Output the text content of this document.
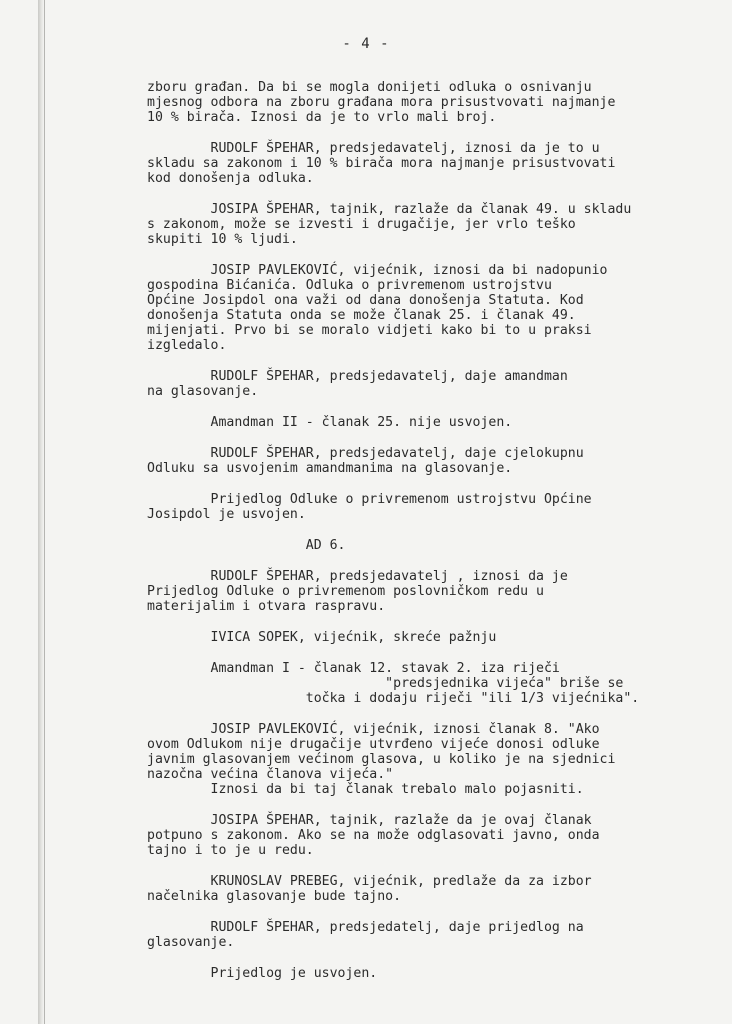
- 4 -
zboru građan. Da bi se mogla donijeti odluka o osnivanju
mjesnog odbora na zboru građana mora prisustvovati najmanje
10 % birača. Iznosi da je to vrlo mali broj.
RUDOLF ŠPEHAR, predsjedavatelj, iznosi da je to u
skladu sa zakonom i 10 % birača mora najmanje prisustvovati
kod donošenja odluka.
JOSIPA ŠPEHAR, tajnik, razlaže da članak 49. u skladu
s zakonom, može se izvesti i drugačije, jer vrlo teško
skupiti 10 % ljudi.
JOSIP PAVLEKOVIĆ, vijećnik, iznosi da bi nadopunio
gospodina Bićanića. Odluka o privremenom ustrojstvu
Općine Josipdol ona važi od dana donošenja Statuta. Kod
donošenja Statuta onda se može članak 25. i članak 49.
mijenjati. Prvo bi se moralo vidjeti kako bi to u praksi
izgledalo.
RUDOLF ŠPEHAR, predsjedavatelj, daje amandman
na glasovanje.
Amandman II - članak 25. nije usvojen.
RUDOLF ŠPEHAR, predsjedavatelj, daje cjelokupnu
Odluku sa usvojenim amandmanima na glasovanje.
Prijedlog Odluke o privremenom ustrojstvu Općine
Josipdol je usvojen.
AD 6.
RUDOLF ŠPEHAR, predsjedavatelj , iznosi da je
Prijedlog Odluke o privremenom poslovničkom redu u
materijalim i otvara raspravu.
IVICA SOPEK, vijećnik, skreće pažnju
Amandman I - članak 12. stavak 2. iza riječi
"predsjednika vijeća" briše se
točka i dodaju riječi "ili 1/3 vijećnika".
JOSIP PAVLEKOVIĆ, vijećnik, iznosi članak 8. "Ako
ovom Odlukom nije drugačije utvrđeno vijeće donosi odluke
javnim glasovanjem većinom glasova, u koliko je na sjednici
nazočna većina članova vijeća."
Iznosi da bi taj članak trebalo malo pojasniti.
JOSIPA ŠPEHAR, tajnik, razlaže da je ovaj članak
potpuno s zakonom. Ako se na može odglasovati javno, onda
tajno i to je u redu.
KRUNOSLAV PREBEG, vijećnik, predlaže da za izbor
načelnika glasovanje bude tajno.
RUDOLF ŠPEHAR, predsjedatelj, daje prijedlog na
glasovanje.
Prijedlog je usvojen.
